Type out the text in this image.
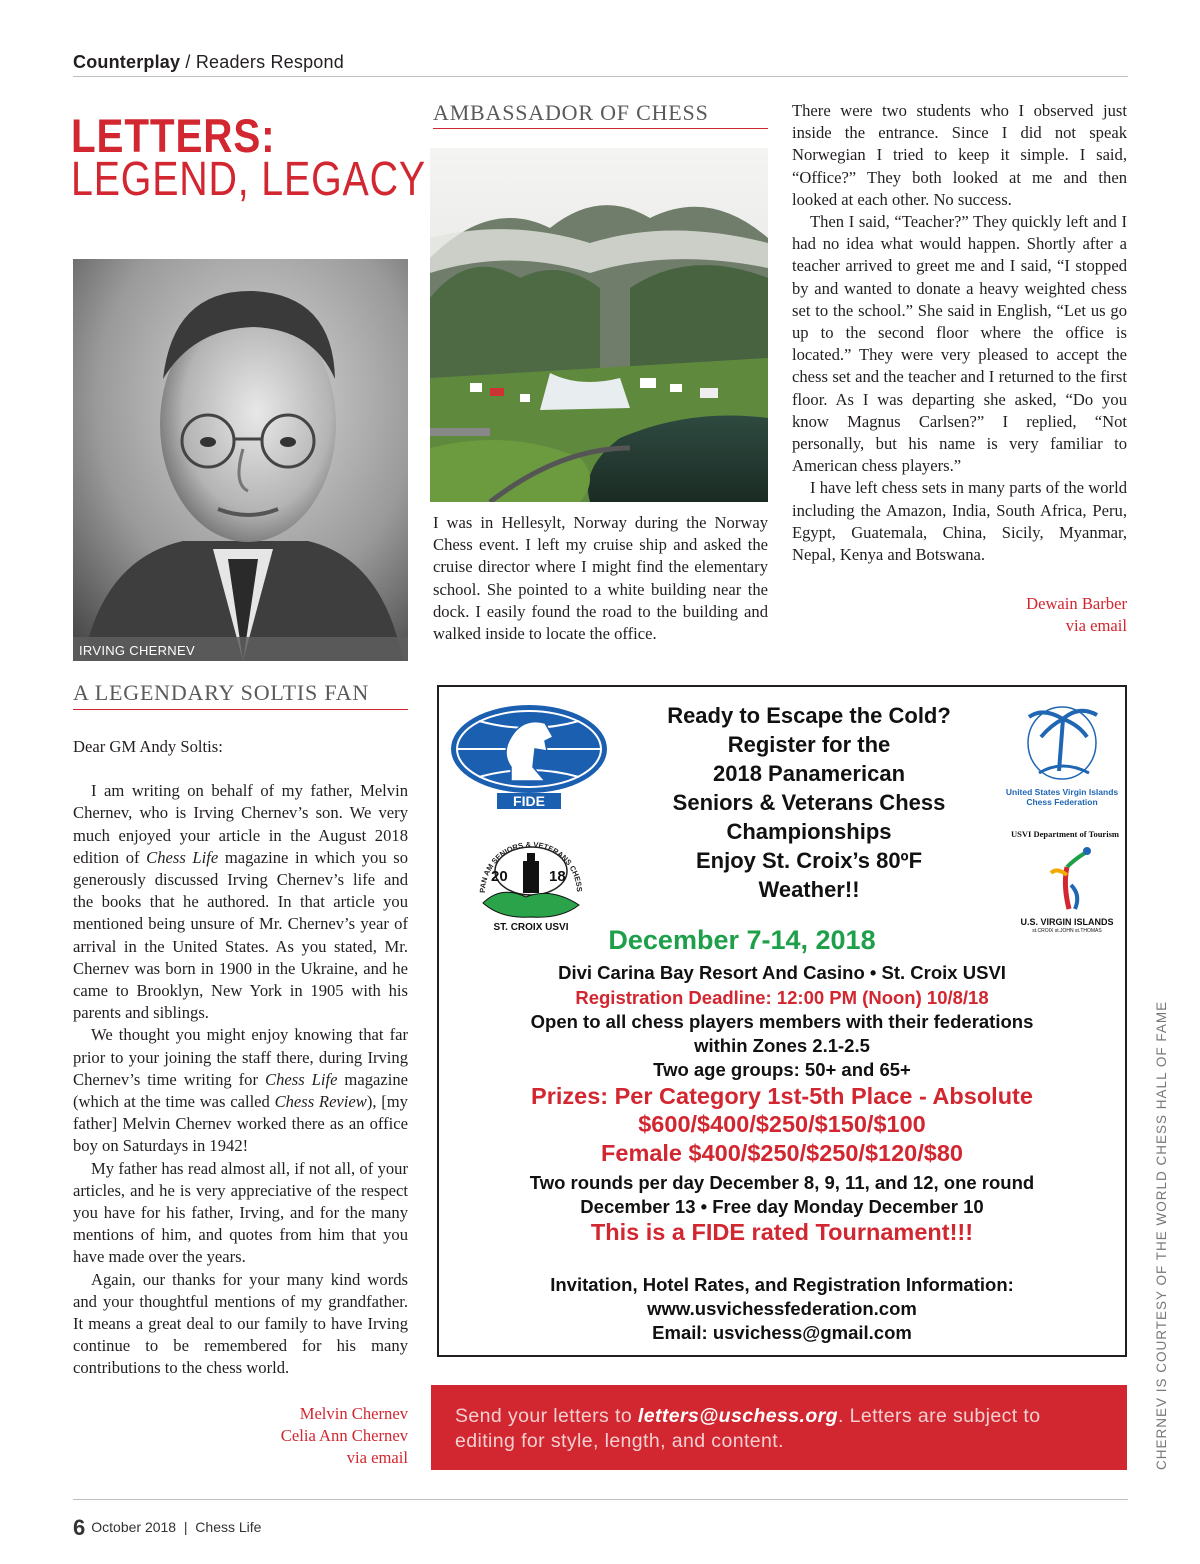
Counterplay / Readers Respond
LETTERS:
LEGEND, LEGACY
IRVING CHERNEV
A LEGENDARY SOLTIS FAN

Dear GM Andy Soltis:

I am writing on behalf of my father, Melvin Chernev, who is Irving Chernev’s son. We very much enjoyed your article in the August 2018 edition of Chess Life magazine in which you so generously discussed Irving Chernev’s life and the books that he authored. In that article you mentioned being unsure of Mr. Chernev’s year of arrival in the United States. As you stated, Mr. Chernev was born in 1900 in the Ukraine, and he came to Brooklyn, New York in 1905 with his parents and siblings.

We thought you might enjoy knowing that far prior to your joining the staff there, during Irving Chernev’s time writing for Chess Life magazine (which at the time was called Chess Review), [my father] Melvin Chernev worked there as an office boy on Saturdays in 1942!

My father has read almost all, if not all, of your articles, and he is very appreciative of the respect you have for his father, Irving, and for the many mentions of him, and quotes from him that you have made over the years.

Again, our thanks for your many kind words and your thoughtful mentions of my grandfather. It means a great deal to our family to have Irving continue to be remembered for his many contributions to the chess world.

Melvin Chernev
Celia Ann Chernev
via email
AMBASSADOR OF CHESS
I was in Hellesylt, Norway during the Norway Chess event. I left my cruise ship and asked the cruise director where I might find the elementary school. She pointed to a white building near the dock. I easily found the road to the building and walked inside to locate the office.

There were two students who I observed just inside the entrance. Since I did not speak Norwegian I tried to keep it simple. I said, “Office?” They both looked at me and then looked at each other. No success.

Then I said, “Teacher?” They quickly left and I had no idea what would happen. Shortly after a teacher arrived to greet me and I said, “I stopped by and wanted to donate a heavy weighted chess set to the school.” She said in English, “Let us go up to the second floor where the office is located.” They were very pleased to accept the chess set and the teacher and I returned to the first floor. As I was departing she asked, “Do you know Magnus Carlsen?” I replied, “Not personally, but his name is very familiar to American chess players.”

I have left chess sets in many parts of the world including the Amazon, India, South Africa, Peru, Egypt, Guatemala, China, Sicily, Myanmar, Nepal, Kenya and Botswana.

Dewain Barber
via email
FIDE
PAN AM SENIORS & VETERANS CHESS
20	18
ST. CROIX USVI
United States Virgin Islands Chess Federation
USVI Department of Tourism
U.S. VIRGIN ISLANDS
st.CROIX st.JOHN st.THOMAS
Ready to Escape the Cold?
Register for the
2018 Panamerican
Seniors & Veterans Chess
Championships
Enjoy St. Croix’s 80ºF
Weather!!
December 7-14, 2018
Divi Carina Bay Resort And Casino • St. Croix USVI
Registration Deadline: 12:00 PM (Noon) 10/8/18
Open to all chess players members with their federations
within Zones 2.1-2.5
Two age groups: 50+ and 65+
Prizes: Per Category 1st-5th Place - Absolute
$600/$400/$250/$150/$100
Female $400/$250/$250/$120/$80
Two rounds per day December 8, 9, 11, and 12, one round
December 13 • Free day Monday December 10
This is a FIDE rated Tournament!!!
Invitation, Hotel Rates, and Registration Information:
www.usvichessfederation.com
Email: usvichess@gmail.com
Send your letters to letters@uschess.org. Letters are subject to editing for style, length, and content.	CHERNEV IS COURTESY OF THE WORLD CHESS HALL OF FAME
6 October 2018 | Chess Life
